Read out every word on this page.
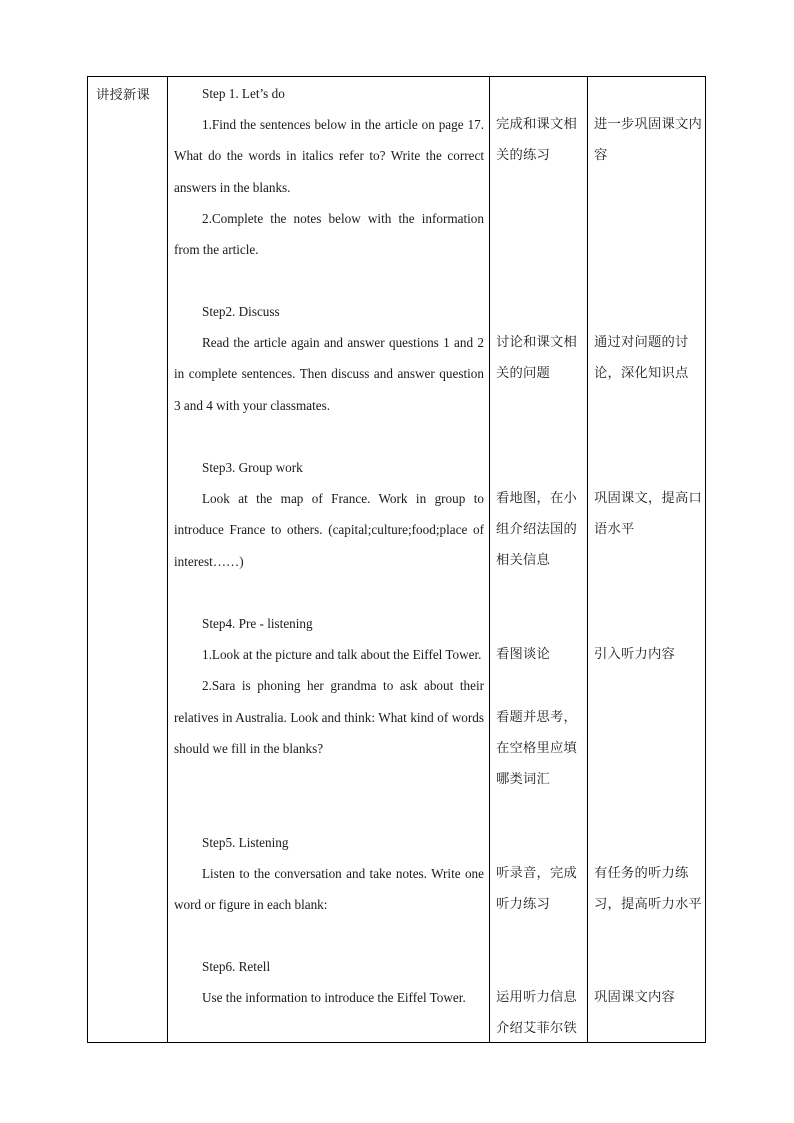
讲授新课	Step 1. Let’s do
1.Find the sentences below in the article on page 17. What do the words in italics refer to? Write the correct answers in the blanks.
2.Complete the notes below with the information from the article.
完成和课文相关的练习
进一步巩固课文内容
Step2. Discuss
Read the article again and answer questions 1 and 2 in complete sentences. Then discuss and answer question 3 and 4 with your classmates.
讨论和课文相关的问题
通过对问题的讨论，深化知识点
Step3. Group work
Look at the map of France. Work in group to introduce France to others. (capital;culture;food;place of interest……)
看地图，在小组介绍法国的相关信息
巩固课文，提高口语水平
Step4. Pre - listening
1.Look at the picture and talk about the Eiffel Tower.
2.Sara is phoning her grandma to ask about their relatives in Australia. Look and think: What kind of words should we fill in the blanks?
看图谈论
看题并思考，在空格里应填哪类词汇
引入听力内容
Step5. Listening
Listen to the conversation and take notes. Write one word or figure in each blank:
听录音，完成听力练习
有任务的听力练习，提高听力水平
Step6. Retell
Use the information to introduce the Eiffel Tower.	运用听力信息介绍艾菲尔铁
巩固课文内容
